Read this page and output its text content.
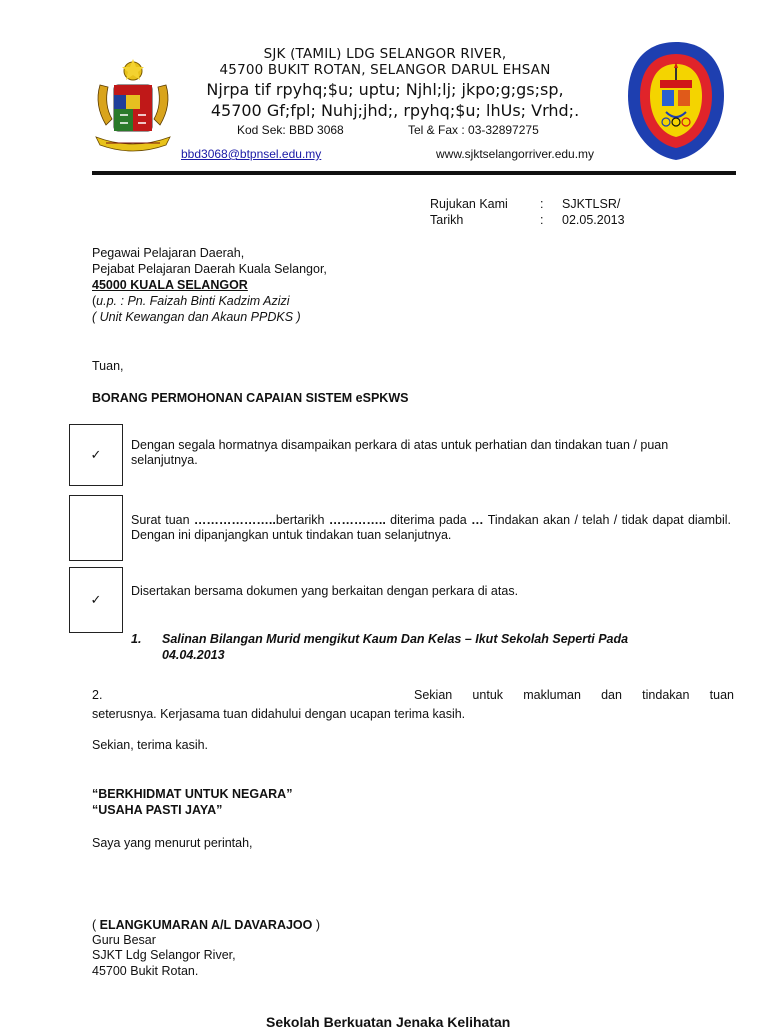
SJK (TAMIL) LDG SELANGOR RIVER,
45700 BUKIT ROTAN, SELANGOR DARUL EHSAN
Njrpa tif rpyhq;$u; uptu; Njhl;lj; jkpo;g;gs;sp,
45700 Gf;fpl; Nuhj;jhd;, rpyhq;$u; lhUs; Vrhd;.
Kod Sek: BBD 3068	Tel & Fax : 03-32897275
bbd3068@btpnsel.edu.my	www.sjktselangorriver.edu.my
Rujukan Kami	: SJKTLSR/
Tarikh	: 02.05.2013
Pegawai Pelajaran Daerah,
Pejabat Pelajaran Daerah Kuala Selangor,
45000 KUALA SELANGOR
(u.p. : Pn. Faizah Binti Kadzim Azizi
( Unit Kewangan dan Akaun PPDKS )
Tuan,
BORANG PERMOHONAN CAPAIAN SISTEM eSPKWS
✓
Dengan segala hormatnya disampaikan perkara di atas untuk perhatian dan tindakan tuan / puan selanjutnya.
Surat tuan ………………..bertarikh ………….. diterima pada … Tindakan akan / telah / tidak dapat diambil. Dengan ini dipanjangkan untuk tindakan tuan selanjutnya.
✓
Disertakan bersama dokumen yang berkaitan dengan perkara di atas.
1. Salinan Bilangan Murid mengikut Kaum Dan Kelas – Ikut Sekolah Seperti Pada
04.04.2013
2.	Sekian untuk makluman dan tindakan tuan
seterusnya. Kerjasama tuan didahului dengan ucapan terima kasih.
Sekian, terima kasih.
“BERKHIDMAT UNTUK NEGARA”
“USAHA PASTI JAYA”
Saya yang menurut perintah,
( ELANGKUMARAN A/L DAVARAJOO )
Guru Besar
SJKT Ldg Selangor River,
45700 Bukit Rotan.
Sekolah Berkuatan Jenaka Kelihatan
